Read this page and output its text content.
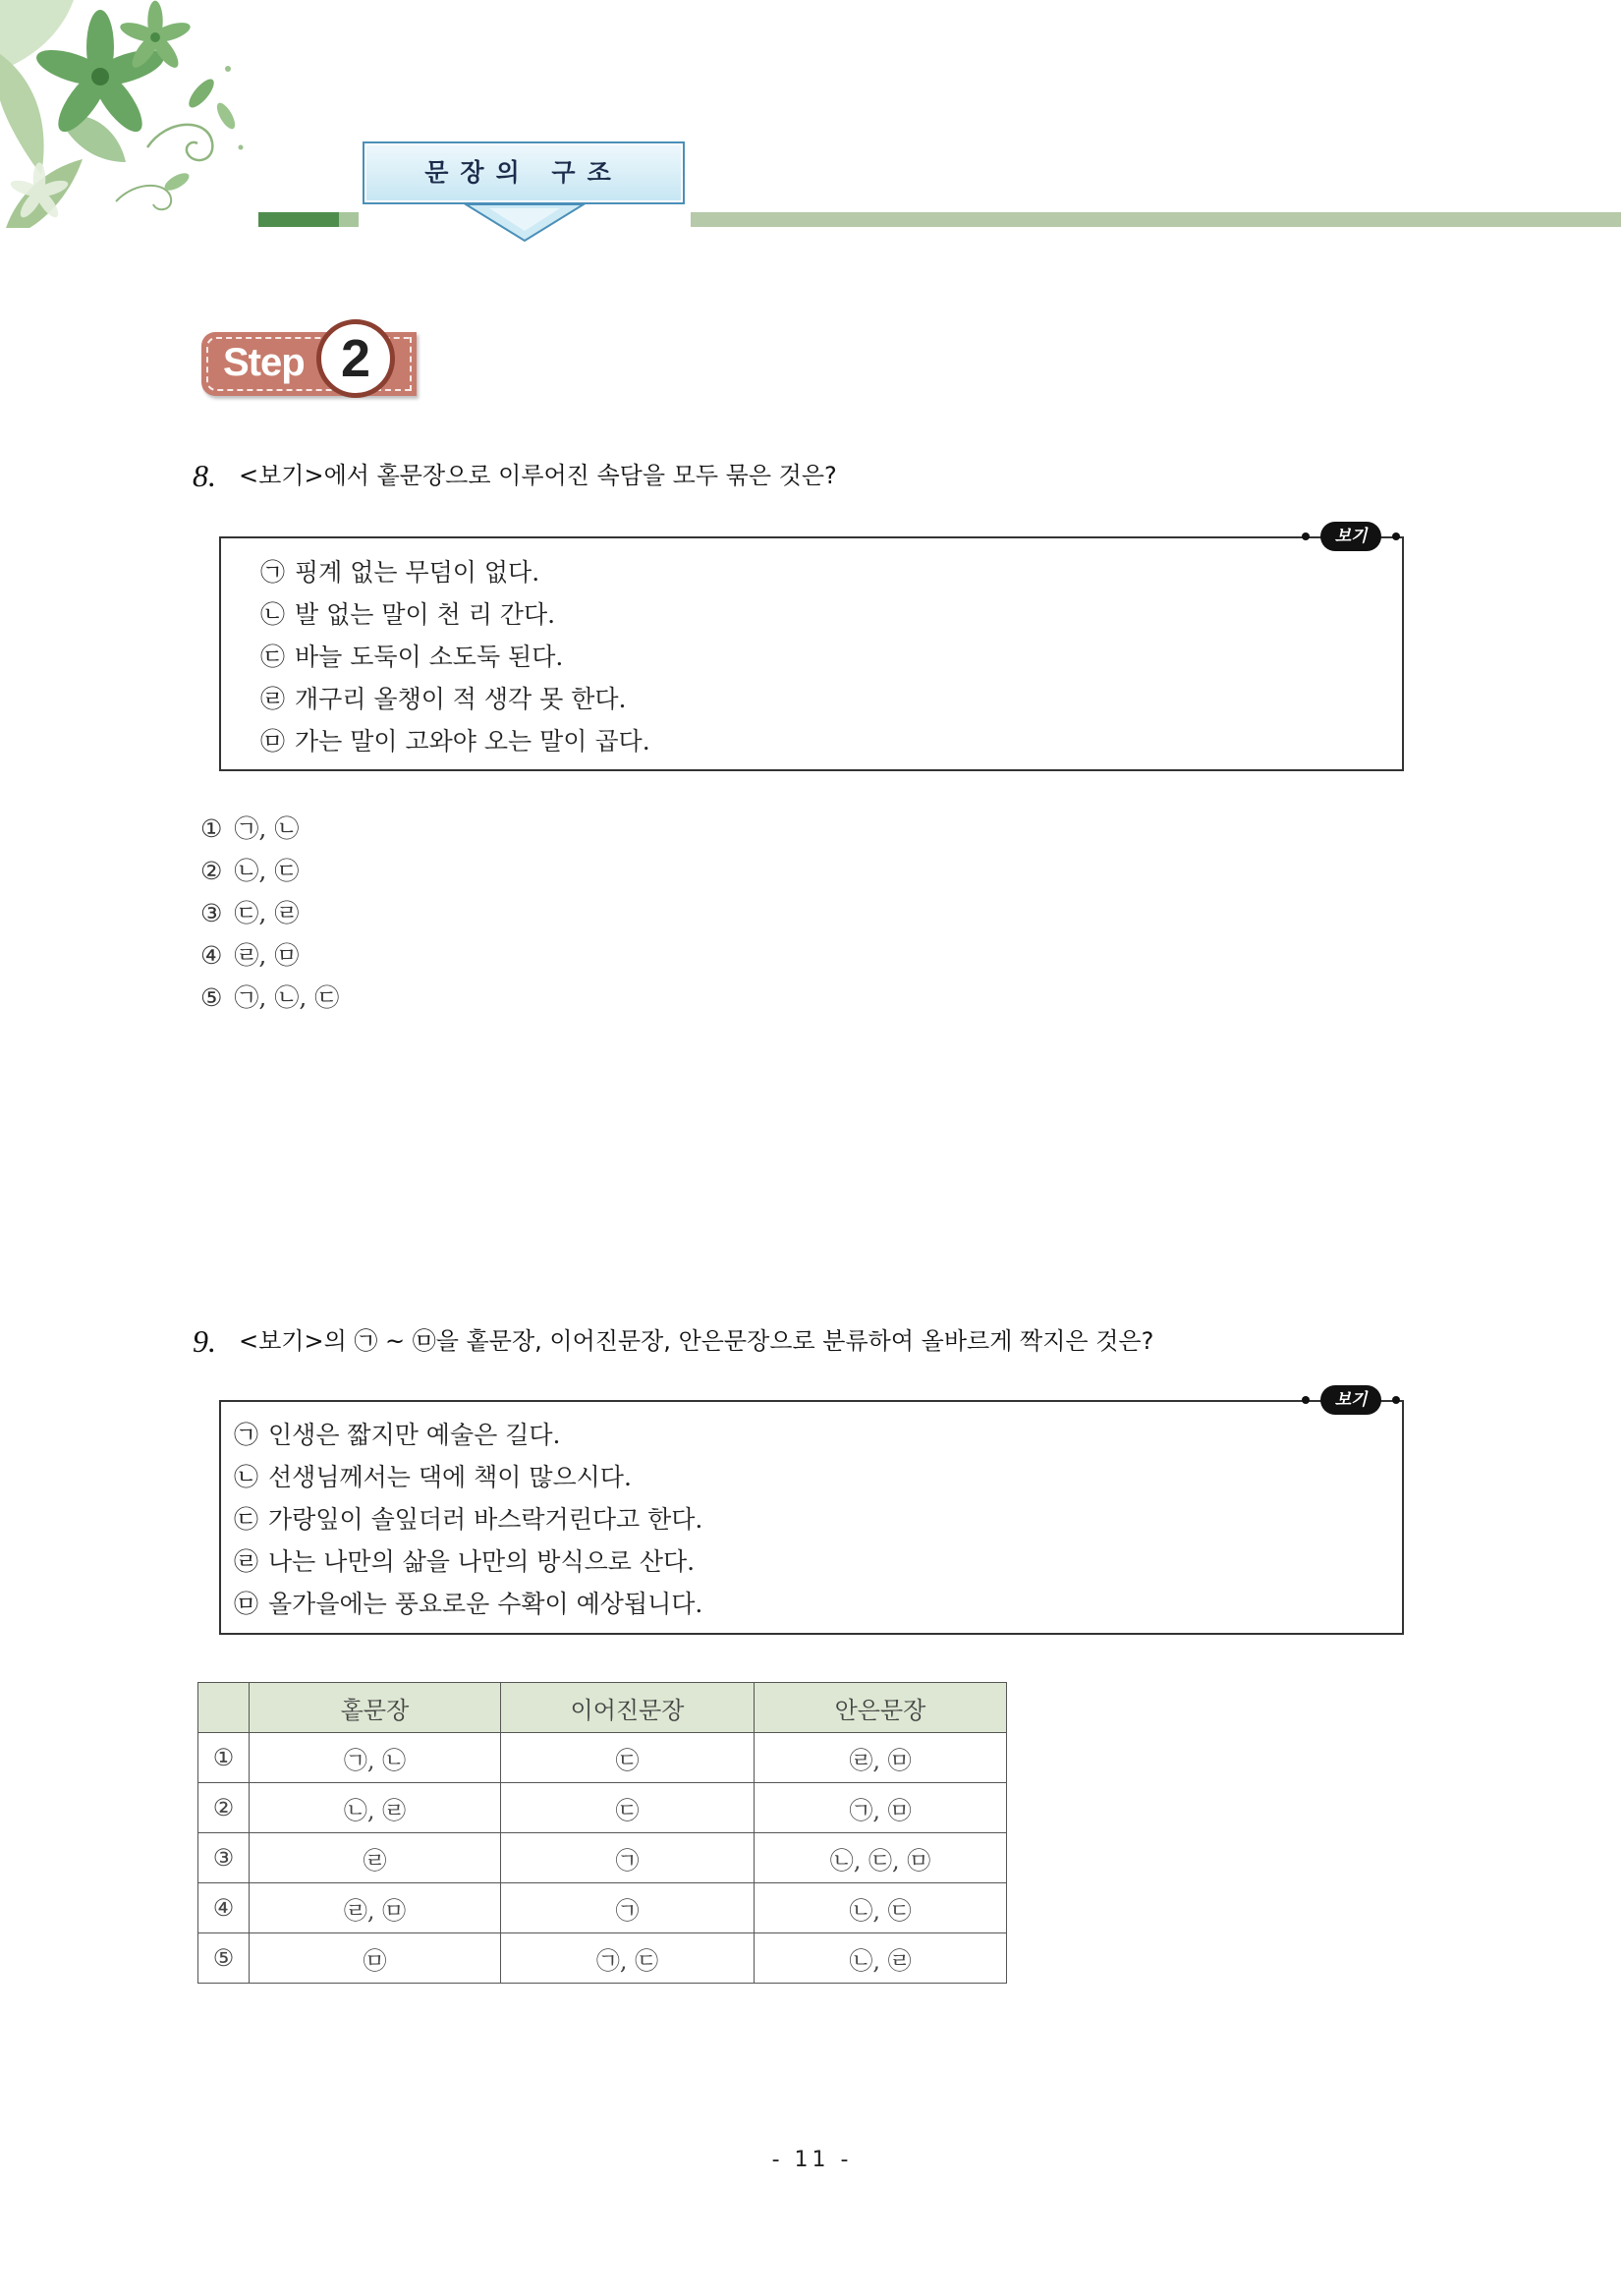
문장의 구조
Step 2
8. <보기>에서 홑문장으로 이루어진 속담을 모두 묶은 것은?
㉠ 핑계 없는 무덤이 없다.
㉡ 발 없는 말이 천 리 간다.
㉢ 바늘 도둑이 소도둑 된다.
㉣ 개구리 올챙이 적 생각 못 한다.
㉤ 가는 말이 고와야 오는 말이 곱다.
보기
① ㉠, ㉡
② ㉡, ㉢
③ ㉢, ㉣
④ ㉣, ㉤
⑤ ㉠, ㉡, ㉢
9. <보기>의 ㉠ ~ ㉤을 홑문장, 이어진문장, 안은문장으로 분류하여 올바르게 짝지은 것은?
㉠ 인생은 짧지만 예술은 길다.
㉡ 선생님께서는 댁에 책이 많으시다.
㉢ 가랑잎이 솔잎더러 바스락거린다고 한다.
㉣ 나는 나만의 삶을 나만의 방식으로 산다.
㉤ 올가을에는 풍요로운 수확이 예상됩니다.
보기
	홑문장	이어진문장	안은문장
①	㉠, ㉡	㉢	㉣, ㉤
②	㉡, ㉣	㉢	㉠, ㉤
③	㉣	㉠	㉡, ㉢, ㉤
④	㉣, ㉤	㉠	㉡, ㉢
⑤	㉤	㉠, ㉢	㉡, ㉣
- 11 -
